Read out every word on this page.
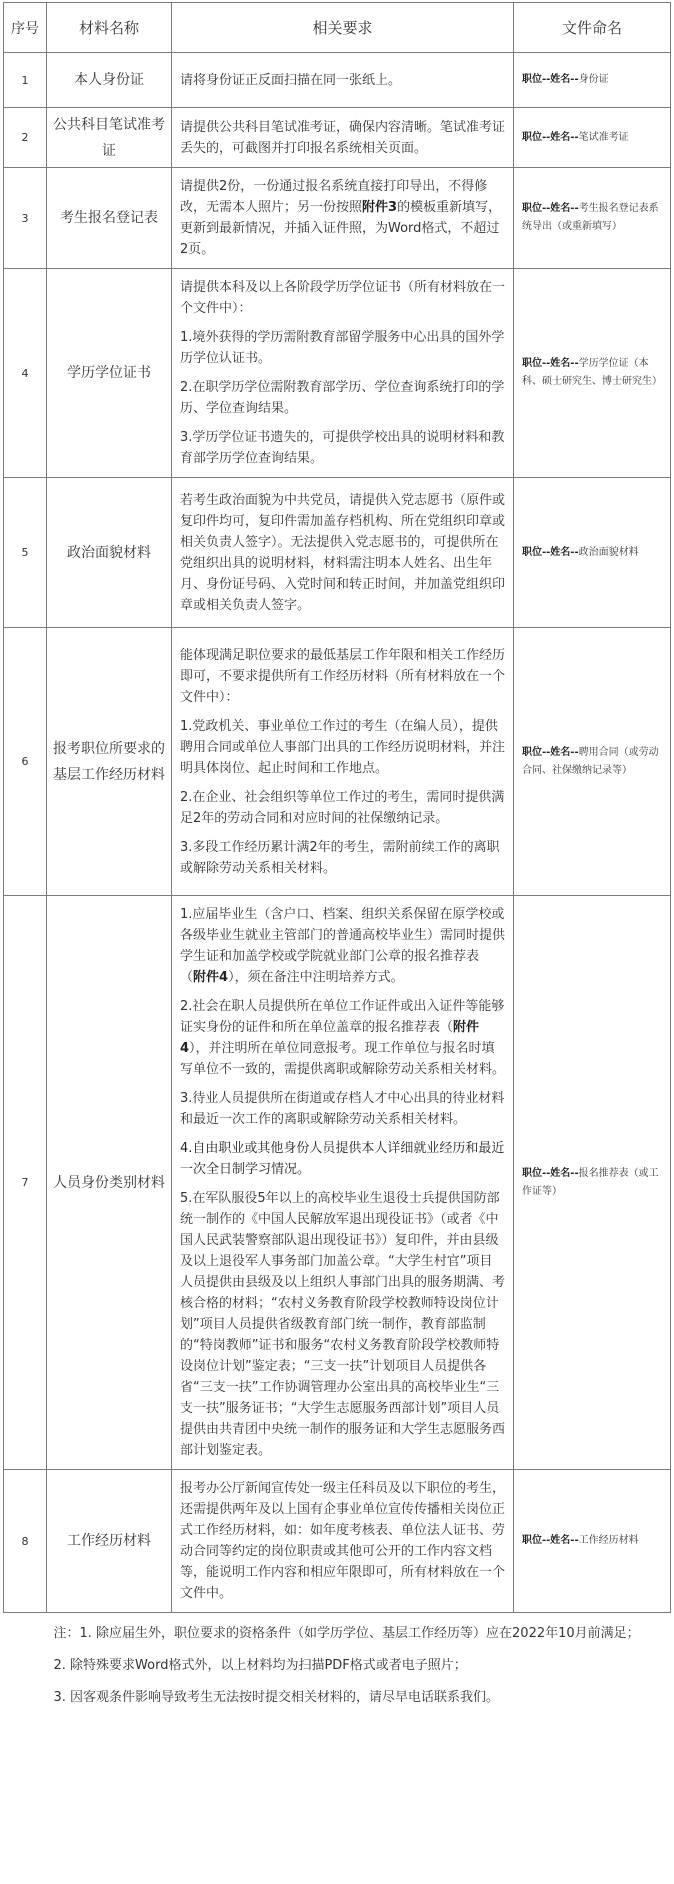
序号	材料名称	相关要求	文件命名
1	本人身份证	请将身份证正反面扫描在同一张纸上。	职位--姓名--身份证
2	公共科目笔试准考证	请提供公共科目笔试准考证，确保内容清晰。笔试准考证丢失的，可截图并打印报名系统相关页面。	职位--姓名--笔试准考证
3	考生报名登记表	请提供2份，一份通过报名系统直接打印导出，不得修改，无需本人照片；另一份按照附件3的模板重新填写，更新到最新情况，并插入证件照，为Word格式，不超过2页。	职位--姓名--考生报名登记表系统导出（或重新填写）
4	学历学位证书	请提供本科及以上各阶段学历学位证书（所有材料放在一个文件中）：

1.境外获得的学历需附教育部留学服务中心出具的国外学历学位认证书。

2.在职学历学位需附教育部学历、学位查询系统打印的学历、学位查询结果。

3.学历学位证书遗失的，可提供学校出具的说明材料和教育部学历学位查询结果。	职位--姓名--学历学位证（本科、硕士研究生、博士研究生）
5	政治面貌材料	若考生政治面貌为中共党员，请提供入党志愿书（原件或复印件均可，复印件需加盖存档机构、所在党组织印章或相关负责人签字）。无法提供入党志愿书的，可提供所在党组织出具的说明材料，材料需注明本人姓名、出生年月、身份证号码、入党时间和转正时间，并加盖党组织印章或相关负责人签字。	职位--姓名--政治面貌材料
6	报考职位所要求的基层工作经历材料	能体现满足职位要求的最低基层工作年限和相关工作经历即可，不要求提供所有工作经历材料（所有材料放在一个文件中）：

1.党政机关、事业单位工作过的考生（在编人员），提供聘用合同或单位人事部门出具的工作经历说明材料，并注明具体岗位、起止时间和工作地点。

2.在企业、社会组织等单位工作过的考生，需同时提供满足2年的劳动合同和对应时间的社保缴纳记录。

3.多段工作经历累计满2年的考生，需附前续工作的离职或解除劳动关系相关材料。	职位--姓名--聘用合同（或劳动合同、社保缴纳记录等）
7	人员身份类别材料	1.应届毕业生（含户口、档案、组织关系保留在原学校或各级毕业生就业主管部门的普通高校毕业生）需同时提供学生证和加盖学校或学院就业部门公章的报名推荐表（附件4），须在备注中注明培养方式。

2.社会在职人员提供所在单位工作证件或出入证件等能够证实身份的证件和所在单位盖章的报名推荐表（附件4），并注明所在单位同意报考。现工作单位与报名时填写单位不一致的，需提供离职或解除劳动关系相关材料。

3.待业人员提供所在街道或存档人才中心出具的待业材料和最近一次工作的离职或解除劳动关系相关材料。

4.自由职业或其他身份人员提供本人详细就业经历和最近一次全日制学习情况。

5.在军队服役5年以上的高校毕业生退役士兵提供国防部统一制作的《中国人民解放军退出现役证书》（或者《中国人民武装警察部队退出现役证书》）复印件，并由县级及以上退役军人事务部门加盖公章。“大学生村官”项目人员提供由县级及以上组织人事部门出具的服务期满、考核合格的材料；“农村义务教育阶段学校教师特设岗位计划”项目人员提供省级教育部门统一制作，教育部监制的“特岗教师”证书和服务“农村义务教育阶段学校教师特设岗位计划”鉴定表；“三支一扶”计划项目人员提供各省“三支一扶”工作协调管理办公室出具的高校毕业生“三支一扶”服务证书；“大学生志愿服务西部计划”项目人员提供由共青团中央统一制作的服务证和大学生志愿服务西部计划鉴定表。	职位--姓名--报名推荐表（或工作证等）
8	工作经历材料	报考办公厅新闻宣传处一级主任科员及以下职位的考生，还需提供两年及以上国有企事业单位宣传传播相关岗位正式工作经历材料，如：如年度考核表、单位法人证书、劳动合同等约定的岗位职责或其他可公开的工作内容文档等，能说明工作内容和相应年限即可，所有材料放在一个文件中。	职位--姓名--工作经历材料

注：1. 除应届生外，职位要求的资格条件（如学历学位、基层工作经历等）应在2022年10月前满足；

2. 除特殊要求Word格式外，以上材料均为扫描PDF格式或者电子照片；

3. 因客观条件影响导致考生无法按时提交相关材料的，请尽早电话联系我们。			
